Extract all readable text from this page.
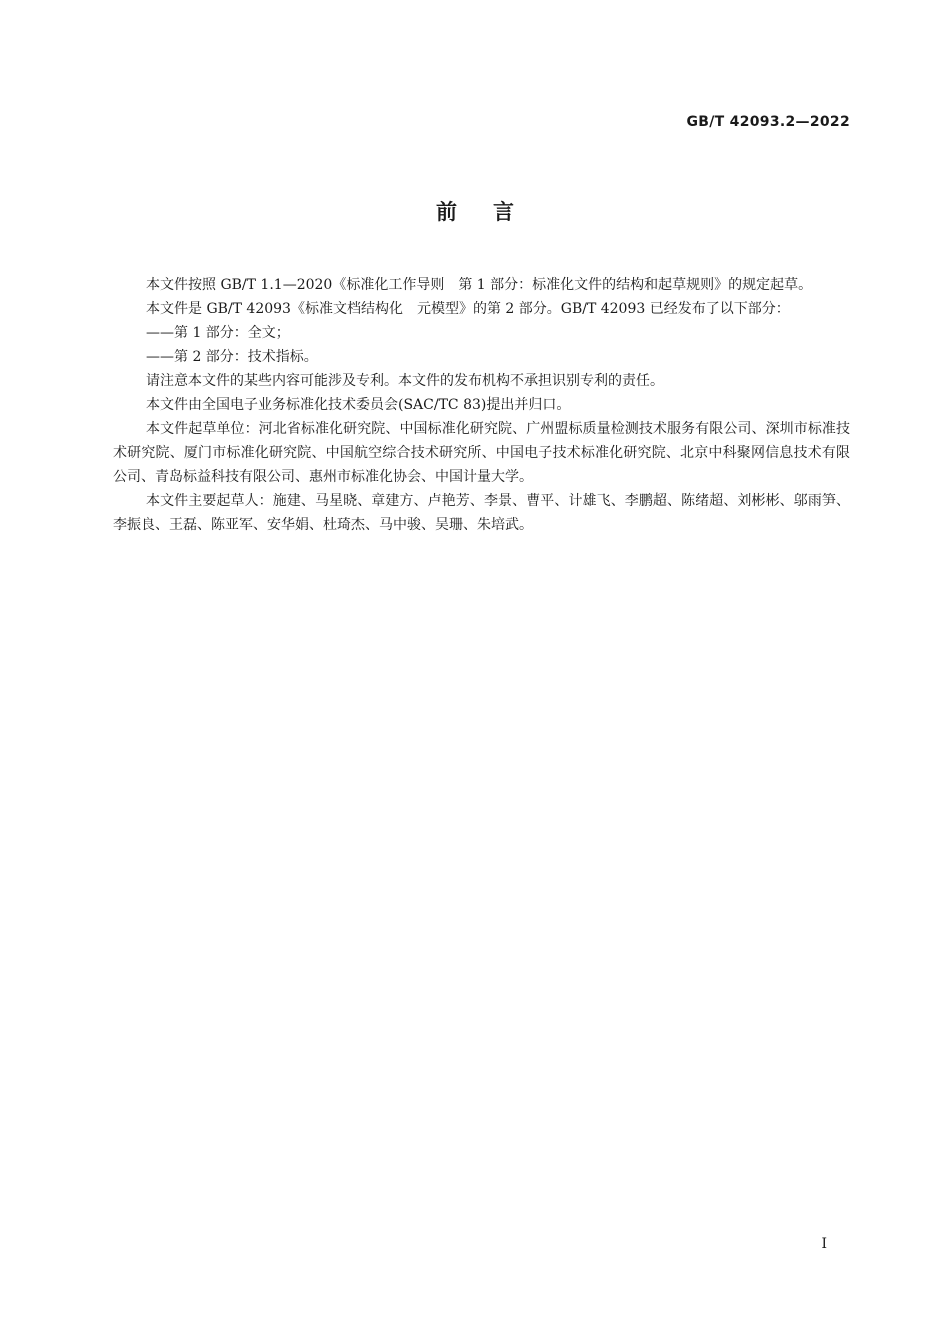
GB/T 42093.2—2022
前言

本文件按照 GB/T 1.1—2020《标准化工作导则　第 1 部分：标准化文件的结构和起草规则》的规定起草。

本文件是 GB/T 42093《标准文档结构化　元模型》的第 2 部分。GB/T 42093 已经发布了以下部分：

——第 1 部分：全文；

——第 2 部分：技术指标。

请注意本文件的某些内容可能涉及专利。本文件的发布机构不承担识别专利的责任。

本文件由全国电子业务标准化技术委员会(SAC/TC 83)提出并归口。

本文件起草单位：河北省标准化研究院、中国标准化研究院、广州盟标质量检测技术服务有限公司、深圳市标准技术研究院、厦门市标准化研究院、中国航空综合技术研究所、中国电子技术标准化研究院、北京中科聚网信息技术有限公司、青岛标益科技有限公司、惠州市标准化协会、中国计量大学。

本文件主要起草人：施建、马星晓、章建方、卢艳芳、李景、曹平、计雄飞、李鹏超、陈绪超、刘彬彬、邬雨笋、李振良、王磊、陈亚军、安华娟、杜琦杰、马中骏、吴珊、朱培武。

I
